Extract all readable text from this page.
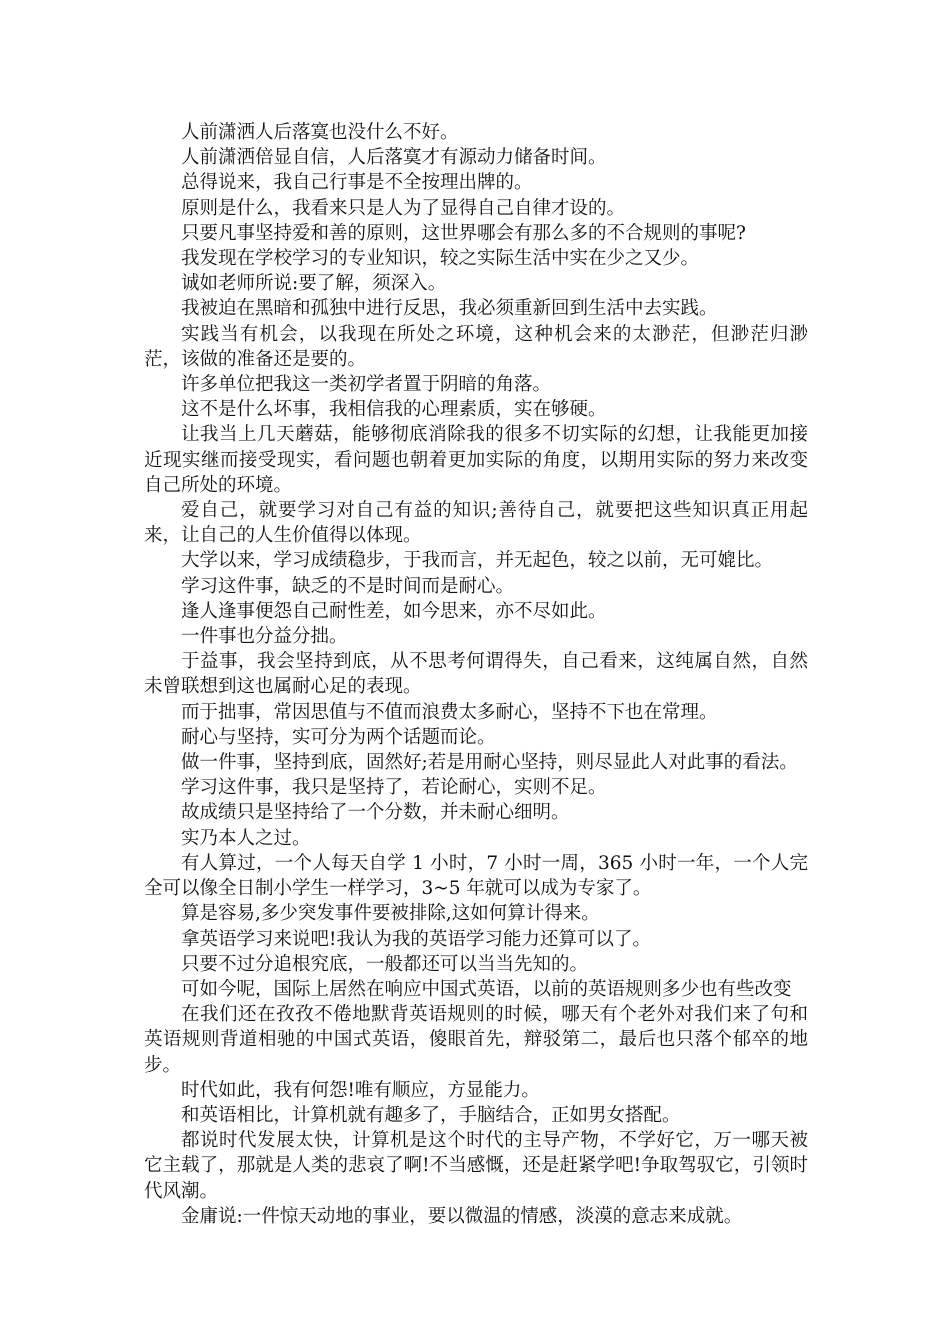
人前潇洒人后落寞也没什么不好。

人前潇洒倍显自信，人后落寞才有源动力储备时间。

总得说来，我自己行事是不全按理出牌的。

原则是什么，我看来只是人为了显得自己自律才设的。

只要凡事坚持爱和善的原则，这世界哪会有那么多的不合规则的事呢?

我发现在学校学习的专业知识，较之实际生活中实在少之又少。

诚如老师所说:要了解，须深入。

我被迫在黑暗和孤独中进行反思，我必须重新回到生活中去实践。

实践当有机会，以我现在所处之环境，这种机会来的太渺茫，但渺茫归渺茫，该做的准备还是要的。

许多单位把我这一类初学者置于阴暗的角落。

这不是什么坏事，我相信我的心理素质，实在够硬。

让我当上几天蘑菇，能够彻底消除我的很多不切实际的幻想，让我能更加接近现实继而接受现实，看问题也朝着更加实际的角度，以期用实际的努力来改变自己所处的环境。

爱自己，就要学习对自己有益的知识;善待自己，就要把这些知识真正用起来，让自己的人生价值得以体现。

大学以来，学习成绩稳步，于我而言，并无起色，较之以前，无可媲比。

学习这件事，缺乏的不是时间而是耐心。

逢人逢事便怨自己耐性差，如今思来，亦不尽如此。

一件事也分益分拙。

于益事，我会坚持到底，从不思考何谓得失，自己看来，这纯属自然，自然未曾联想到这也属耐心足的表现。

而于拙事，常因思值与不值而浪费太多耐心，坚持不下也在常理。

耐心与坚持，实可分为两个话题而论。

做一件事，坚持到底，固然好;若是用耐心坚持，则尽显此人对此事的看法。

学习这件事，我只是坚持了，若论耐心，实则不足。

故成绩只是坚持给了一个分数，并未耐心细明。

实乃本人之过。

有人算过，一个人每天自学 1 小时，7 小时一周，365 小时一年，一个人完全可以像全日制小学生一样学习，3~5 年就可以成为专家了。

算是容易,多少突发事件要被排除,这如何算计得来。

拿英语学习来说吧!我认为我的英语学习能力还算可以了。

只要不过分追根究底，一般都还可以当当先知的。

可如今呢，国际上居然在响应中国式英语，以前的英语规则多少也有些改变

在我们还在孜孜不倦地默背英语规则的时候，哪天有个老外对我们来了句和英语规则背道相驰的中国式英语，傻眼首先，辩驳第二，最后也只落个郁卒的地步。

时代如此，我有何怨!唯有顺应，方显能力。

和英语相比，计算机就有趣多了，手脑结合，正如男女搭配。

都说时代发展太快，计算机是这个时代的主导产物，不学好它，万一哪天被它主载了，那就是人类的悲哀了啊!不当感慨，还是赶紧学吧!争取驾驭它，引领时代风潮。

金庸说:一件惊天动地的事业，要以微温的情感，淡漠的意志来成就。
